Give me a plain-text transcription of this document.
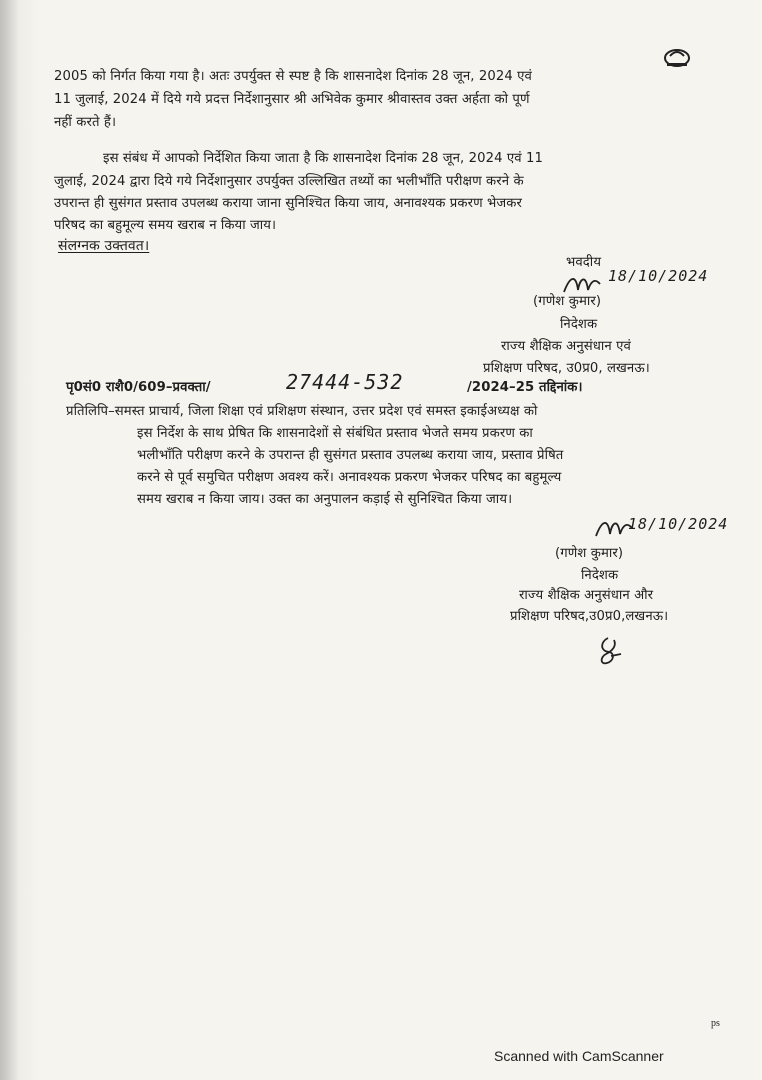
2005 को निर्गत किया गया है। अतः उपर्युक्त से स्पष्ट है कि शासनादेश दिनांक 28 जून, 2024 एवं
11 जुलाई, 2024 में दिये गये प्रदत्त निर्देशानुसार श्री अभिवेक कुमार श्रीवास्तव उक्त अर्हता को पूर्ण
नहीं करते हैं।
इस संबंध में आपको निर्देशित किया जाता है कि शासनादेश दिनांक 28 जून, 2024 एवं 11
जुलाई, 2024 द्वारा दिये गये निर्देशानुसार उपर्युक्त उल्लिखित तथ्यों का भलीभाँति परीक्षण करने के
उपरान्त ही सुसंगत प्रस्ताव उपलब्ध कराया जाना सुनिश्चित किया जाय, अनावश्यक प्रकरण भेजकर
परिषद का बहुमूल्य समय खराब न किया जाय।
संलग्नक उक्तवत।
भवदीय
18/10/2024
(गणेश कुमार)
निदेशक
राज्य शैक्षिक अनुसंधान एवं
प्रशिक्षण परिषद, उ0प्र0, लखनऊ।
पृ0सं0 राशै0/609–प्रवक्ता/	27444-532	/2024–25 तद्दिनांक।
प्रतिलिपि–समस्त प्राचार्य, जिला शिक्षा एवं प्रशिक्षण संस्थान, उत्तर प्रदेश एवं समस्त इकाईअध्यक्ष को
इस निर्देश के साथ प्रेषित कि शासनादेशों से संबंधित प्रस्ताव भेजते समय प्रकरण का
भलीभाँति परीक्षण करने के उपरान्त ही सुसंगत प्रस्ताव उपलब्ध कराया जाय, प्रस्ताव प्रेषित
करने से पूर्व समुचित परीक्षण अवश्य करें। अनावश्यक प्रकरण भेजकर परिषद का बहुमूल्य
समय खराब न किया जाय। उक्त का अनुपालन कड़ाई से सुनिश्चित किया जाय।
18/10/2024
(गणेश कुमार)
निदेशक
राज्य शैक्षिक अनुसंधान और
प्रशिक्षण परिषद,उ0प्र0,लखनऊ।
ps
Scanned with CamScanner
